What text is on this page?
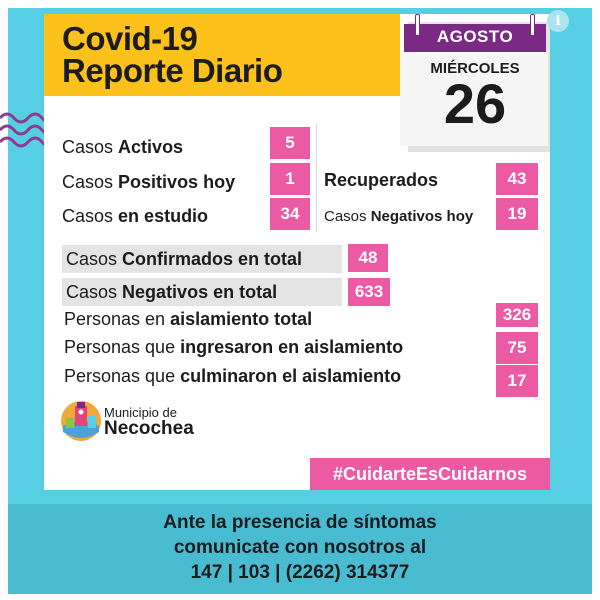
Covid-19
Reporte Diario
AGOSTO
MIÉRCOLES
26
i
Casos Activos	5
Casos Positivos hoy	1
Casos en estudio	34
Recuperados	43
Casos Negativos hoy	19
Casos Confirmados en total	48
Casos Negativos en total	633
Personas en aislamiento total	326
Personas que ingresaron en aislamiento	75
Personas que culminaron el aislamiento	17
Municipio de
Necochea
#CuidarteEsCuidarnos
Ante la presencia de síntomas
comunicate con nosotros al
147 | 103 | (2262) 314377
